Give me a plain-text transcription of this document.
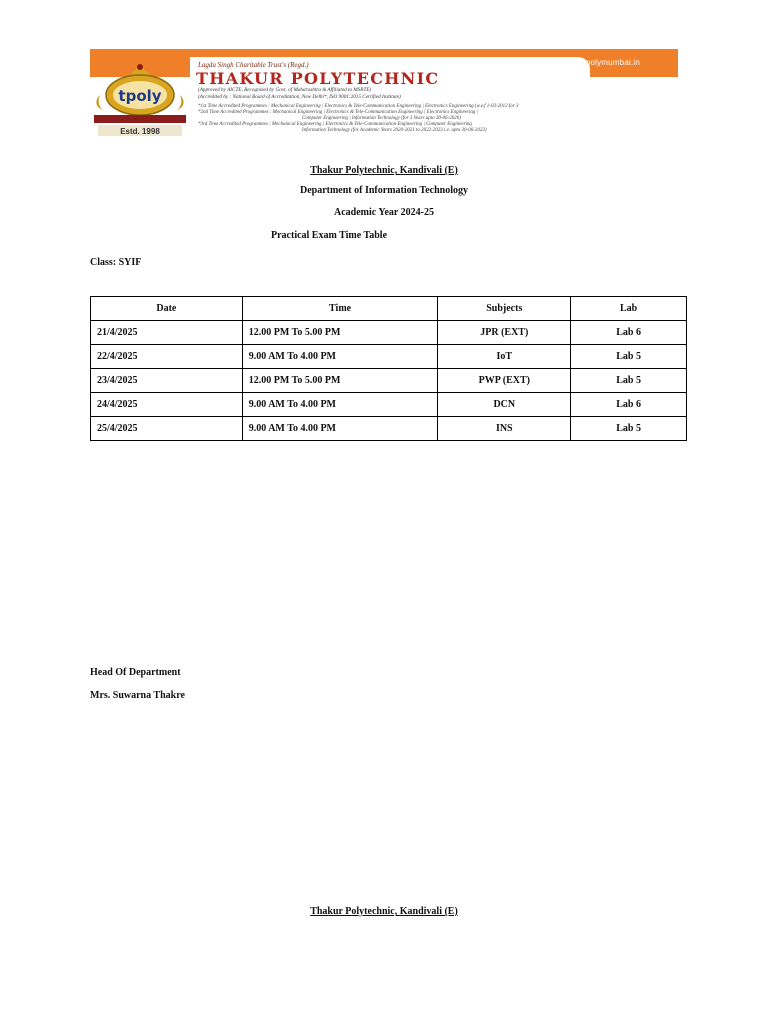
www.tpolymumbai.in
tpoly
Estd. 1998
Lagdu Singh Charitable Trust's (Regd.)
THAKUR POLYTECHNIC
(Approved by AICTE, Recognized by Govt. of Maharashtra & Affiliated to MSBTE)
(Accredited by : National Board of Accreditation, New Delhi*, ISO 9001:2015 Certified Institute)
*1st Time Accredited Programmes : Mechanical Engineering | Electronics & Tele-Communication Engineering | Electronics Engineering (w.e.f 1-03-2012 for 3
*2nd Time Accredited Programmes : Mechanical Engineering | Electronics & Tele-Communication Engineering | Electronics Engineering |
Computer Engineering | Information Technology (for 3 Years upto 30-06-2020)
*3rd Time Accredited Programmes : Mechanical Engineering | Electronics & Tele-Communication Engineering | Computer Engineering
Information Technology (for Academic Years 2020-2021 to 2022-2023 i.e. upto 30-06-2023)
Thakur Polytechnic, Kandivali (E)
Department of Information Technology
Academic Year 2024-25
Practical Exam Time Table
Class: SYIF
Date	Time	Subjects	Lab
21/4/2025	12.00 PM To 5.00 PM	JPR (EXT)	Lab 6
22/4/2025	9.00 AM To 4.00 PM	IoT	Lab 5
23/4/2025	12.00 PM To 5.00 PM	PWP (EXT)	Lab 5
24/4/2025	9.00 AM To 4.00 PM	DCN	Lab 6
25/4/2025	9.00 AM To 4.00 PM	INS	Lab 5
Head Of Department
Mrs. Suwarna Thakre
Thakur Polytechnic, Kandivali (E)
